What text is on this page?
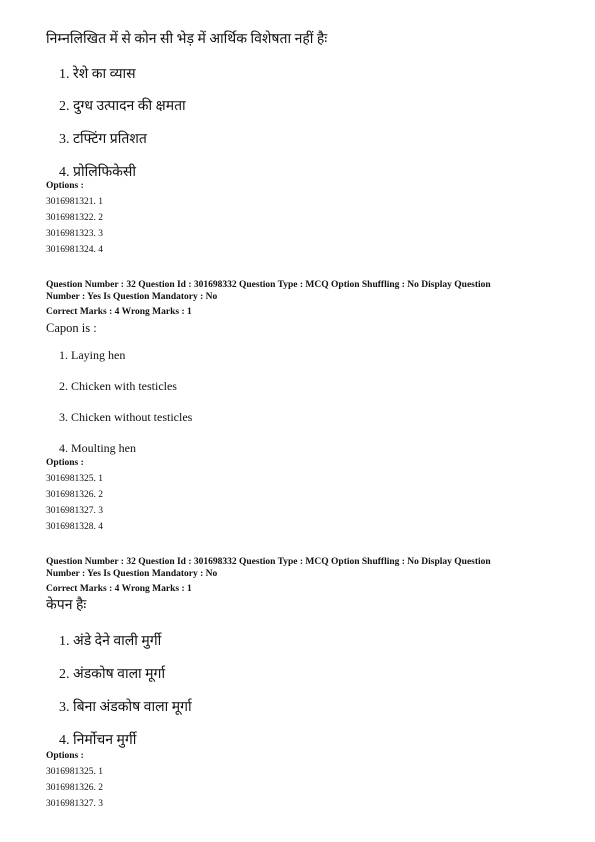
निम्नलिखित में से कोन सी भेड़ में आर्थिक विशेषता नहीं हैः
1. रेशे का व्यास
2. दुग्ध उत्पादन की क्षमता
3. टफ्टिंग प्रतिशत
4. प्रोलिफिकेसी
Options :
3016981321. 1
3016981322. 2
3016981323. 3
3016981324. 4
Question Number : 32 Question Id : 301698332 Question Type : MCQ Option Shuffling : No Display Question
Number : Yes Is Question Mandatory : No
Correct Marks : 4 Wrong Marks : 1
Capon is :
1. Laying hen
2. Chicken with testicles
3. Chicken without testicles
4. Moulting hen
Options :
3016981325. 1
3016981326. 2
3016981327. 3
3016981328. 4
Question Number : 32 Question Id : 301698332 Question Type : MCQ Option Shuffling : No Display Question
Number : Yes Is Question Mandatory : No
Correct Marks : 4 Wrong Marks : 1
केपन हैः
1. अंडे देने वाली मुर्गी
2. अंडकोष वाला मूर्गा
3. बिना अंडकोष वाला मूर्गा
4. निर्मोचन मुर्गी
Options :
3016981325. 1
3016981326. 2
3016981327. 3
